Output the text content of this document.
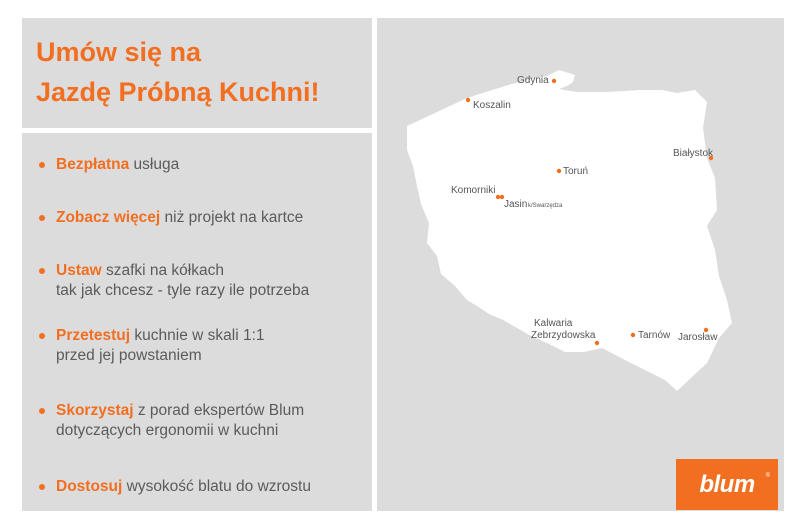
Umów się na
Jazdę Próbną Kuchni!
Bezpłatna usługa
Zobacz więcej niż projekt na kartce
Ustaw szafki na kółkach
tak jak chcesz - tyle razy ile potrzeba
Przetestuj kuchnie w skali 1:1
przed jej powstaniem
Skorzystaj z porad ekspertów Blum
dotyczących ergonomii w kuchni
Dostosuj wysokość blatu do wzrostu
Gdynia
Koszalin
Białystok
Toruń
Komorniki
Jasin k/Swarzędza
Kalwaria
Zebrzydowska	Tarnów Jarosław
blum ®
